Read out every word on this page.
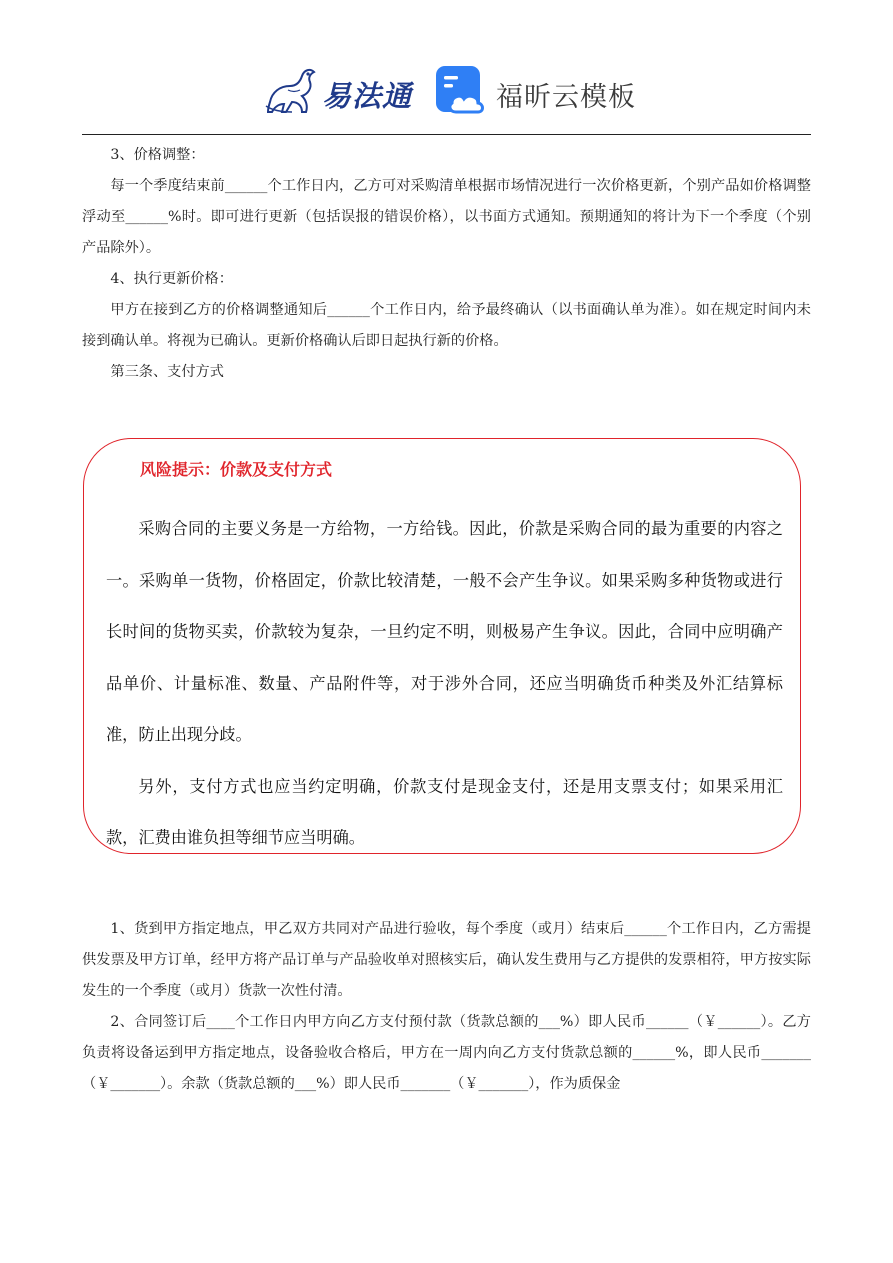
易法通	福昕云模板

3、价格调整：

每一个季度结束前______个工作日内，乙方可对采购清单根据市场情况进行一次价格更新，个别产品如价格调整浮动至______%时。即可进行更新（包括误报的错误价格），以书面方式通知。预期通知的将计为下一个季度（个别产品除外）。

4、执行更新价格：

甲方在接到乙方的价格调整通知后______个工作日内，给予最终确认（以书面确认单为准）。如在规定时间内未接到确认单。将视为已确认。更新价格确认后即日起执行新的价格。

第三条、支付方式

风险提示：价款及支付方式

采购合同的主要义务是一方给物，一方给钱。因此，价款是采购合同的最为重要的内容之一。采购单一货物，价格固定，价款比较清楚，一般不会产生争议。如果采购多种货物或进行长时间的货物买卖，价款较为复杂，一旦约定不明，则极易产生争议。因此，合同中应明确产品单价、计量标准、数量、产品附件等，对于涉外合同，还应当明确货币种类及外汇结算标准，防止出现分歧。

另外，支付方式也应当约定明确，价款支付是现金支付，还是用支票支付；如果采用汇款，汇费由谁负担等细节应当明确。

1、货到甲方指定地点，甲乙双方共同对产品进行验收，每个季度（或月）结束后______个工作日内，乙方需提供发票及甲方订单，经甲方将产品订单与产品验收单对照核实后，确认发生费用与乙方提供的发票相符，甲方按实际发生的一个季度（或月）货款一次性付清。

2、合同签订后____个工作日内甲方向乙方支付预付款（货款总额的___%）即人民币______（￥______）。乙方负责将设备运到甲方指定地点，设备验收合格后，甲方在一周内向乙方支付货款总额的______%，即人民币_______（￥_______）。余款（货款总额的___%）即人民币_______（￥_______），作为质保金
